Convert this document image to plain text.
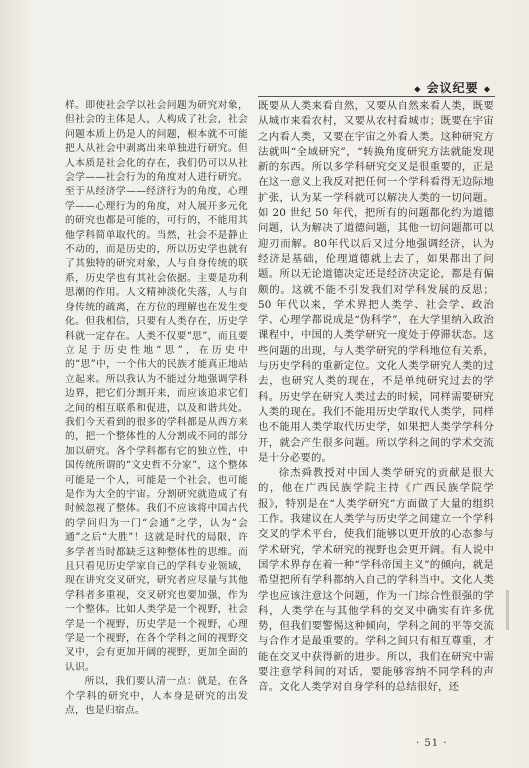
◆ 会议纪要 ◆

样。即使社会学以社会问题为研究对象，但社会的主体是人，人构成了社会，社会问题本质上仍是人的问题，根本就不可能把人从社会中剥离出来单独进行研究。但人本质是社会化的存在，我们仍可以从社会学——社会行为的角度对人进行研究。至于从经济学——经济行为的角度，心理学——心理行为的角度，对人展开多元化的研究也都是可能的，可行的，不能用其他学科简单取代的。当然，社会不是静止不动的，而是历史的，所以历史学也就有了其独特的研究对象，人与自身传统的联系，历史学也有其社会依据。主要是功利思潮的作用。人文精神淡化失落，人与自身传统的疏离，在方位的理解也在发生变化。但我相信，只要有人类存在，历史学科就一定存在。人类不仅要“思”，而且要立足于历史性地“思”，在历史中的“思”中，一个伟大的民族才能真正地站立起来。所以我认为不能过分地强调学科边界，把它们分割开来，而应该追求它们之间的相互联系和促进，以及和谐共处。我们今天看到的很多的学科都是从西方来的，把一个整体性的人分割成不同的部分加以研究。各个学科都有它的独立性，中国传统所谓的“文史哲不分家”，这个整体可能是一个人，可能是一个社会，也可能是作为大全的宇宙。分割研究就造成了有时候忽视了整体。我们不应该将中国古代的学问归为一门“会通”之学，认为“会通”之后“大胜”！这就是时代的局限，许多学者当时都缺乏这种整体性的思维。而且只看见历史学家自己的学科专业领域，现在讲究交叉研究，研究者应尽量与其他学科者多重视，交叉研究也要加强，作为一个整体。比如人类学是一个视野，社会学是一个视野，历史学是一个视野，心理学是一个视野，在各个学科之间的视野交叉中，会有更加开阔的视野，更加全面的认识。

所以，我们要认清一点：就是，在各个学科的研究中，人本身是研究的出发点，也是归宿点。

既要从人类来看自然，又要从自然来看人类，既要从城市来看农村，又要从农村看城市；既要在宇宙之内看人类，又要在宇宙之外看人类。这种研究方法就叫“全域研究”，“转换角度研究方法就能发现新的东西。所以多学科研究交叉是很重要的，正是在这一意义上我反对把任何一个学科看得无边际地扩张，认为某一学科就可以解决人类的一切问题。如 20 世纪 50 年代，把所有的问题都化约为道德问题，认为解决了道德问题，其他一切问题都可以迎刃而解。80年代以后又过分地强调经济，认为经济是基础，伦理道德就上去了，如果都出了问题。所以无论道德决定还是经济决定论，都是有偏颇的。这就不能不引发我们对学科发展的反思；50 年代以来，学术界把人类学、社会学、政治学、心理学都说成是“伪科学”，在大学里纳入政治课程中，中国的人类学研究一度处于停滞状态。这些问题的出现，与人类学研究的学科地位有关系，与历史学科的重新定位。文化人类学研究人类的过去，也研究人类的现在，不是单纯研究过去的学科。历史学在研究人类过去的时候，同样需要研究人类的现在。我们不能用历史学取代人类学，同样也不能用人类学取代历史学，如果把人类学学科分开，就会产生很多问题。所以学科之间的学术交流是十分必要的。

徐杰舜教授对中国人类学研究的贡献是很大的，他在广西民族学院主持《广西民族学院学报》，特别是在“人类学研究”方面做了大量的组织工作。我建议在人类学与历史学之间建立一个学科交叉的学术平台，使我们能够以更开放的心态参与学术研究，学术研究的视野也会更开阔。有人说中国学术界存在着一种“学科帝国主义”的倾向，就是希望把所有学科都纳入自己的学科当中。文化人类学也应该注意这个问题，作为一门综合性很强的学科，人类学在与其他学科的交叉中确实有许多优势，但我们要警惕这种倾向，学科之间的平等交流与合作才是最重要的。学科之间只有相互尊重，才能在交叉中获得新的进步。所以，我们在研究中需要注意学科间的对话，要能够容纳不同学科的声音。文化人类学对自身学科的总结很好，还

· 51 ·
